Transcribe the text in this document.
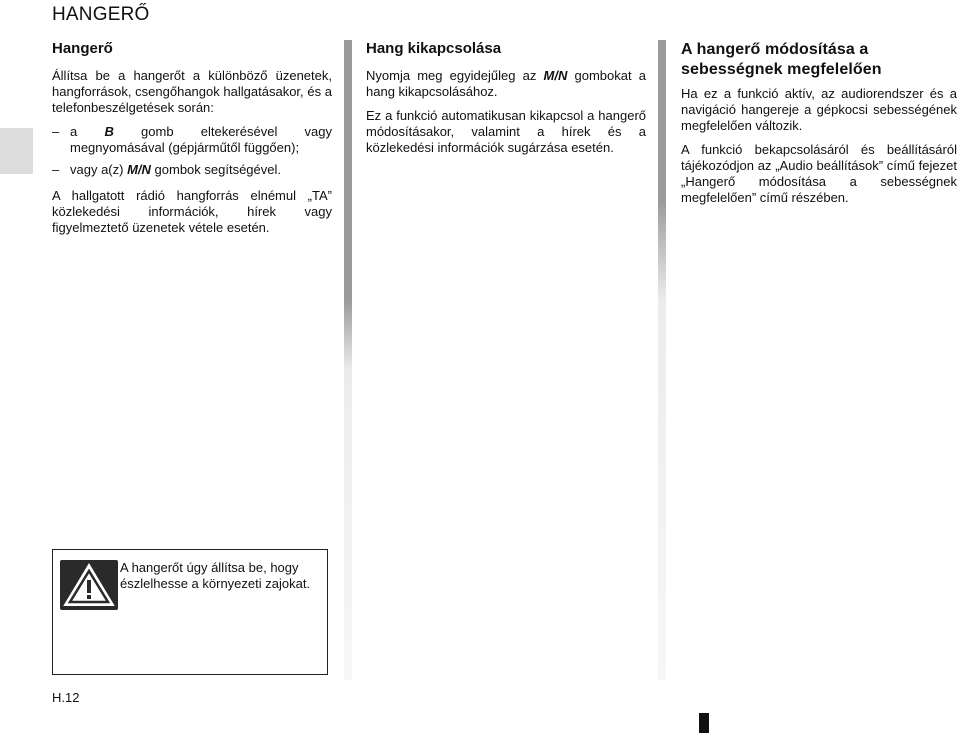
HANGERŐ
Hangerő

Állítsa be a hangerőt a különböző üzenetek, hangforrások, csengőhangok hallgatásakor, és a telefonbeszélgetések során:

– a B gomb eltekerésével vagy megnyomásával (gépjárműtől függően);
– vagy a(z) M/N gombok segítségével.

A hallgatott rádió hangforrás elnémul „TA” közlekedési információk, hírek vagy figyelmeztető üzenetek vétele esetén.

Hang kikapcsolása

Nyomja meg egyidejűleg az M/N gombokat a hang kikapcsolásához.

Ez a funkció automatikusan kikapcsol a hangerő módosításakor, valamint a hírek és a közlekedési információk sugárzása esetén.

A hangerő módosítása a sebességnek megfelelően

Ha ez a funkció aktív, az audiorendszer és a navigáció hangereje a gépkocsi sebességének megfelelően változik.

A funkció bekapcsolásáról és beállításáról tájékozódjon az „Audio beállítások” című fejezet „Hangerő módosítása a sebességnek megfelelően” című részében.

A hangerőt úgy állítsa be, hogy észlelhesse a környezeti zajokat.
H.12
